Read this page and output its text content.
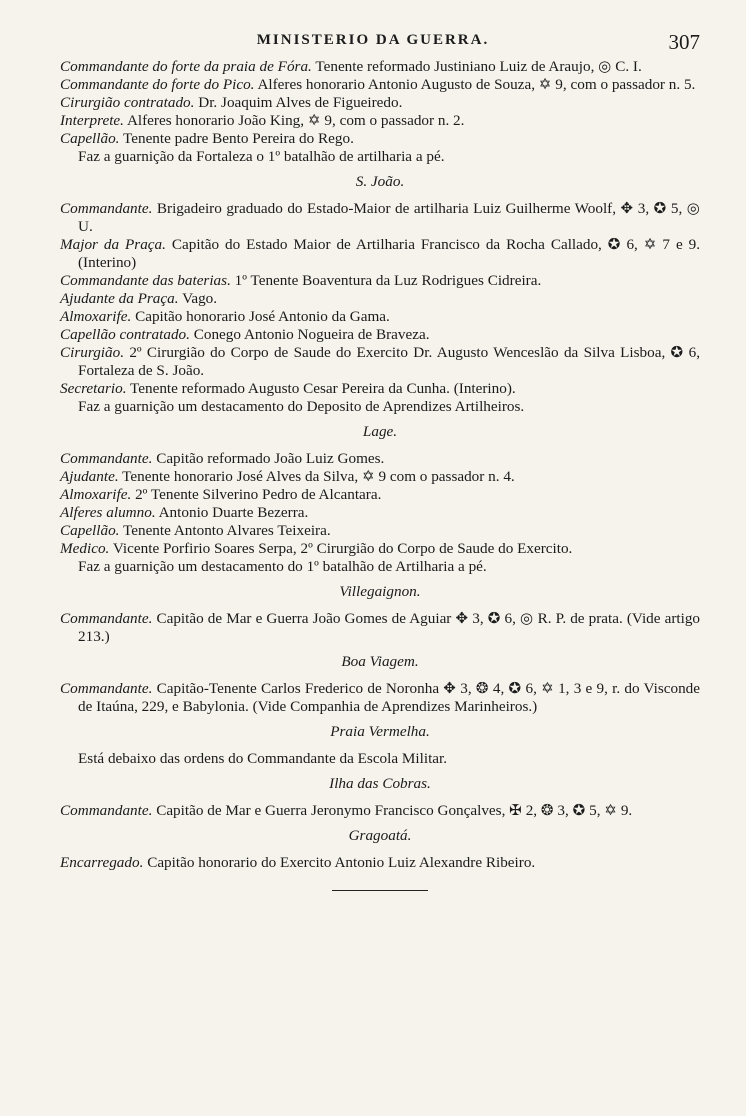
MINISTERIO DA GUERRA.	307

Commandante do forte da praia de Fóra. Tenente reformado Justiniano Luiz de Araujo, ◎ C. I.

Commandante do forte do Pico. Alferes honorario Antonio Augusto de Souza, ✡ 9, com o passador n. 5.

Cirurgião contratado. Dr. Joaquim Alves de Figueiredo.

Interprete. Alferes honorario João King, ✡ 9, com o passador n. 2.

Capellão. Tenente padre Bento Pereira do Rego.

Faz a guarnição da Fortaleza o 1º batalhão de artilharia a pé.

S. João.

Commandante. Brigadeiro graduado do Estado-Maior de artilharia Luiz Guilherme Woolf, ✥ 3, ✪ 5, ◎ U.

Major da Praça. Capitão do Estado Maior de Artilharia Francisco da Rocha Callado, ✪ 6, ✡ 7 e 9. (Interino)

Commandante das baterias. 1º Tenente Boaventura da Luz Rodrigues Cidreira.

Ajudante da Praça. Vago.

Almoxarife. Capitão honorario José Antonio da Gama.

Capellão contratado. Conego Antonio Nogueira de Braveza.

Cirurgião. 2º Cirurgião do Corpo de Saude do Exercito Dr. Augusto Wenceslão da Silva Lisboa, ✪ 6, Fortaleza de S. João.

Secretario. Tenente reformado Augusto Cesar Pereira da Cunha. (Interino).

Faz a guarnição um destacamento do Deposito de Aprendizes Artilheiros.

Lage.

Commandante. Capitão reformado João Luiz Gomes.

Ajudante. Tenente honorario José Alves da Silva, ✡ 9 com o passador n. 4.

Almoxarife. 2º Tenente Silverino Pedro de Alcantara.

Alferes alumno. Antonio Duarte Bezerra.

Capellão. Tenente Antonto Alvares Teixeira.

Medico. Vicente Porfirio Soares Serpa, 2º Cirurgião do Corpo de Saude do Exercito.

Faz a guarnição um destacamento do 1º batalhão de Artilharia a pé.

Villegaignon.

Commandante. Capitão de Mar e Guerra João Gomes de Aguiar ✥ 3, ✪ 6, ◎ R. P. de prata. (Vide artigo 213.)

Boa Viagem.

Commandante. Capitão-Tenente Carlos Frederico de Noronha ✥ 3, ❂ 4, ✪ 6, ✡ 1, 3 e 9, r. do Visconde de Itaúna, 229, e Babylonia. (Vide Companhia de Aprendizes Marinheiros.)

Praia Vermelha.

Está debaixo das ordens do Commandante da Escola Militar.

Ilha das Cobras.

Commandante. Capitão de Mar e Guerra Jeronymo Francisco Gonçalves, ✠ 2, ❂ 3, ✪ 5, ✡ 9.

Gragoatá.

Encarregado. Capitão honorario do Exercito Antonio Luiz Alexandre Ribeiro.
